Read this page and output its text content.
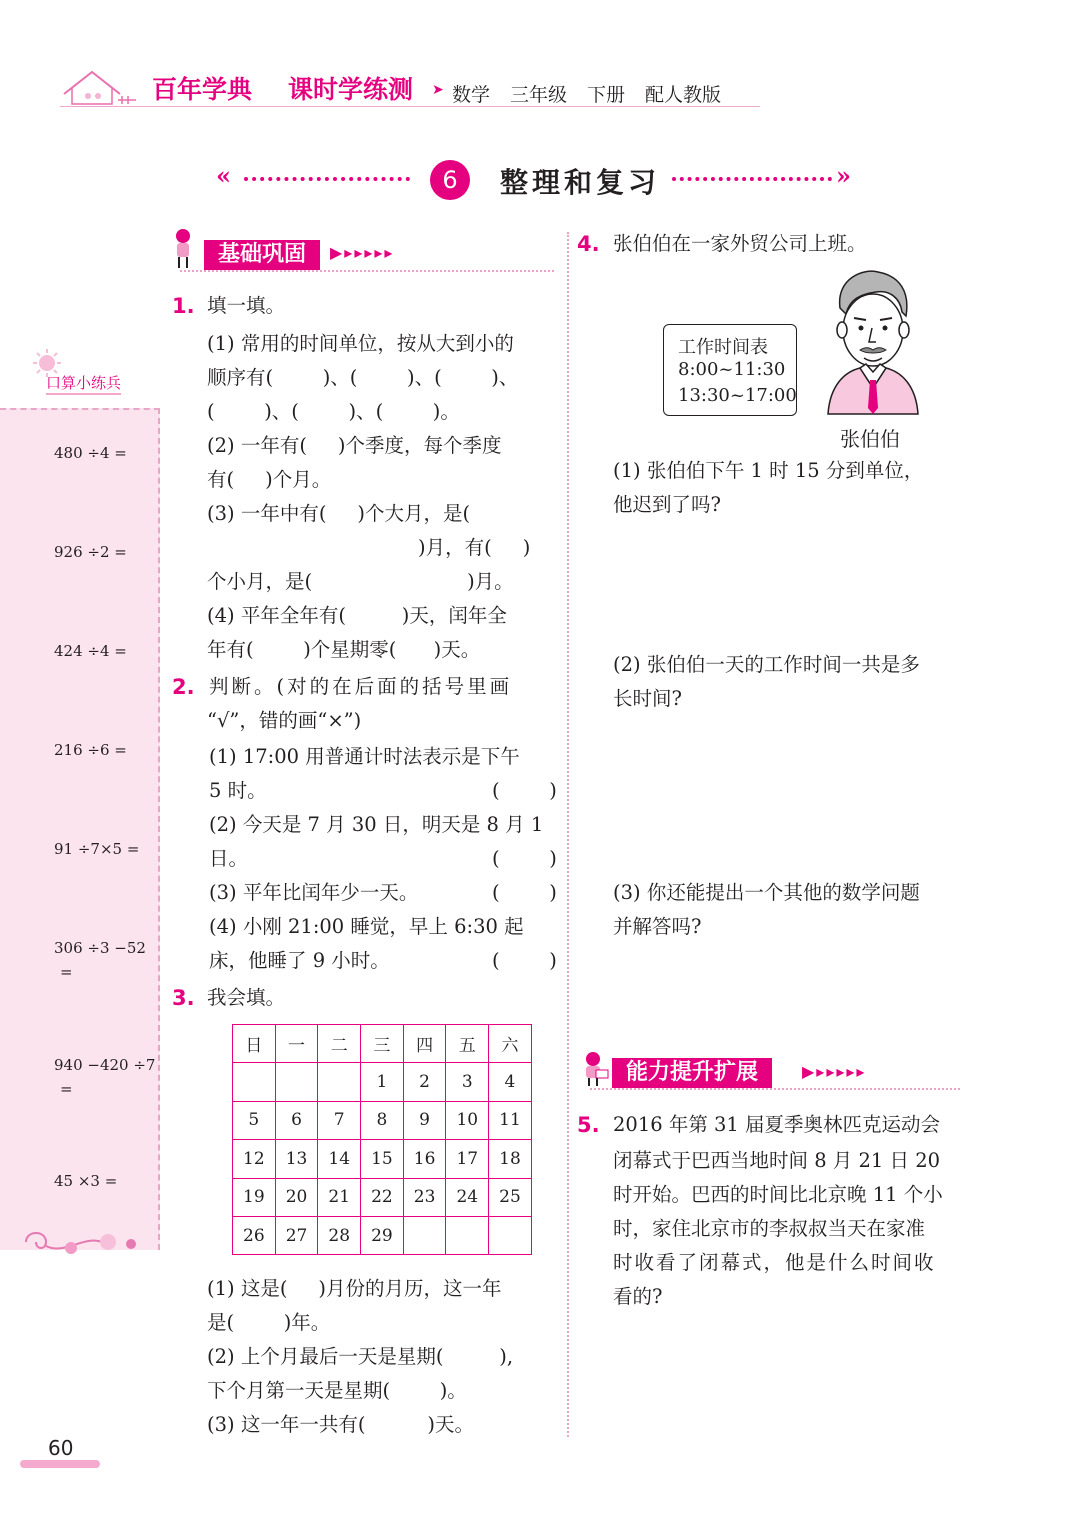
百年学典 课时学练测 ➤ 数学 三年级 下册 配人教版
«	6	整理和复习	»
口算小练兵
480 ÷4 =
926 ÷2 =
424 ÷4 =
216 ÷6 =
91 ÷7×5 =
306 ÷3 −52
=
940 −420 ÷7
=
45 ×3 =
基础巩固	▶▸▸▸▸▸
1. 填一填。
(1) 常用的时间单位，按从大到小的
顺序有(        )、(        )、(        )、
(        )、(        )、(        )。
(2) 一年有(     )个季度，每个季度
有(     )个月。
(3) 一年中有(     )个大月，是(
)月，有(     )
个小月，是(                         )月。
(4) 平年全年有(         )天，闰年全
年有(        )个星期零(      )天。
2. 判断。(对的在后面的括号里画
“√”，错的画“×”)
(1) 17:00 用普通计时法表示是下午
5 时。	(        )
(2) 今天是 7 月 30 日，明天是 8 月 1
日。	(        )
(3) 平年比闰年少一天。	(        )
(4) 小刚 21:00 睡觉，早上 6:30 起
床，他睡了 9 小时。	(        )
3. 我会填。
日	一	二	三	四	五	六
			1	2	3	4
5	6	7	8	9	10	11
12	13	14	15	16	17	18
19	20	21	22	23	24	25
26	27	28	29			
(1) 这是(     )月份的月历，这一年
是(        )年。
(2) 上个月最后一天是星期(         ),
下个月第一天是星期(        )。
(3) 这一年一共有(          )天。
4. 张伯伯在一家外贸公司上班。
工作时间表
8:00~11:30
13:30~17:00
张伯伯
(1) 张伯伯下午 1 时 15 分到单位，
他迟到了吗?
(2) 张伯伯一天的工作时间一共是多
长时间?
(3) 你还能提出一个其他的数学问题
并解答吗?
能力提升扩展	▶▸▸▸▸▸
5. 2016 年第 31 届夏季奥林匹克运动会
闭幕式于巴西当地时间 8 月 21 日 20
时开始。巴西的时间比北京晚 11 个小
时，家住北京市的李叔叔当天在家准
时收看了闭幕式，他是什么时间收
看的?
60
